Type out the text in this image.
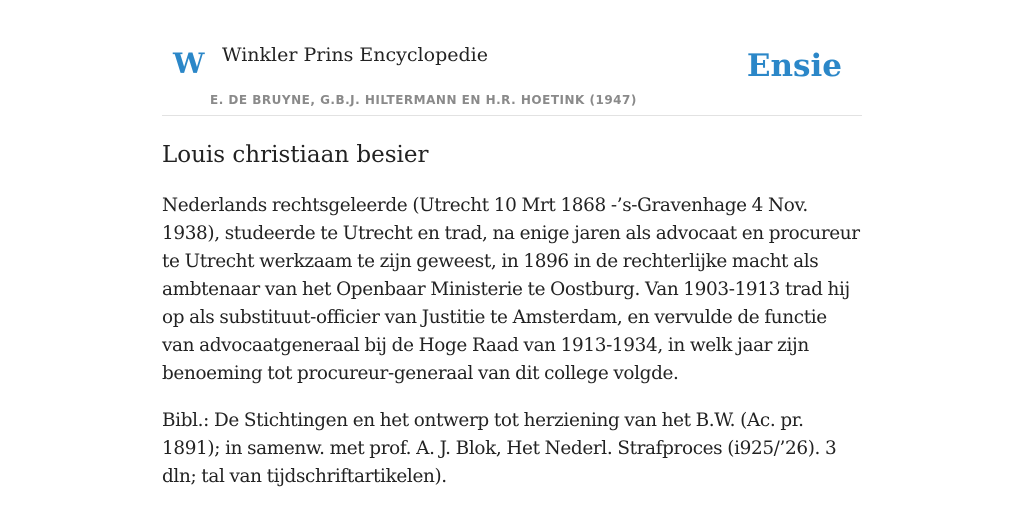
W Winkler Prins Encyclopedie
E. DE BRUYNE, G.B.J. HILTERMANN EN H.R. HOETINK (1947)
Ensie
Louis christiaan besier

Nederlands rechtsgeleerde (Utrecht 10 Mrt 1868 -’s-Gravenhage 4 Nov. 1938), studeerde te Utrecht en trad, na enige jaren als advocaat en procureur te Utrecht werkzaam te zijn geweest, in 1896 in de rechterlijke macht als ambtenaar van het Openbaar Ministerie te Oostburg. Van 1903-1913 trad hij op als substituut-officier van Justitie te Amsterdam, en vervulde de functie van advocaatgeneraal bij de Hoge Raad van 1913-1934, in welk jaar zijn benoeming tot procureur-generaal van dit college volgde.

Bibl.: De Stichtingen en het ontwerp tot herziening van het B.W. (Ac. pr. 1891); in samenw. met prof. A. J. Blok, Het Nederl. Strafproces (i925/’26). 3 dln; tal van tijdschriftartikelen).
